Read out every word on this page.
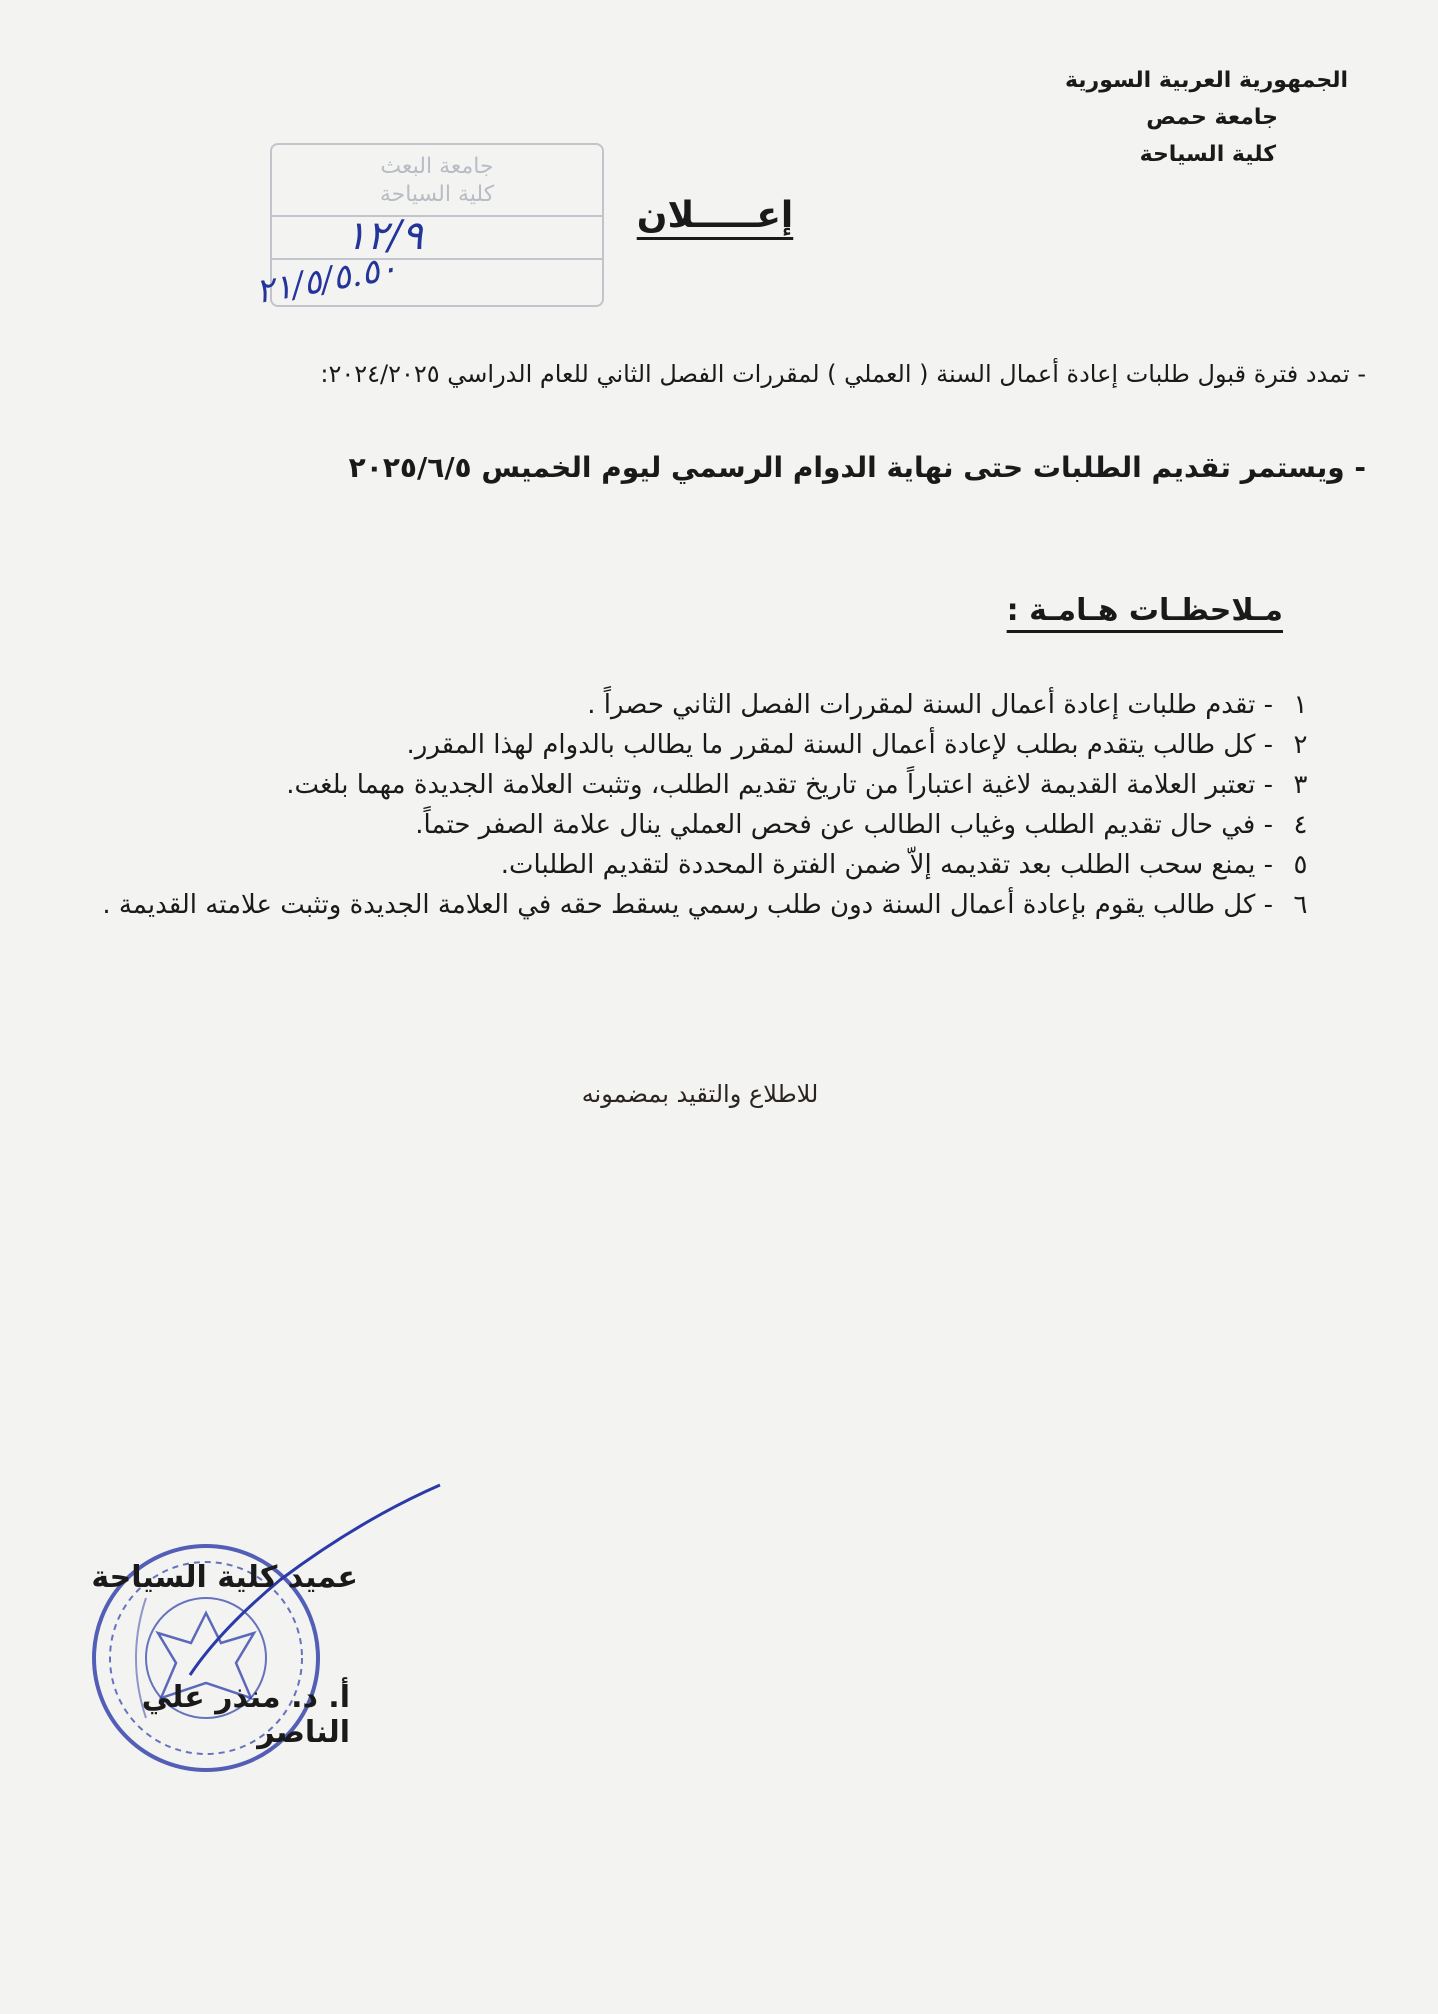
الجمهورية العربية السورية
جامعة حمص
كلية السياحة
جامعة البعث
كلية السياحة
١٢/٩
٢١/٥/٥.٥٠
إعـــــلان
- تمدد فترة قبول طلبات إعادة أعمال السنة ( العملي ) لمقررات الفصل الثاني للعام الدراسي ٢٠٢٤/٢٠٢٥:
- ويستمر تقديم الطلبات حتى نهاية الدوام الرسمي ليوم الخميس ٢٠٢٥/٦/٥
مـلاحظـات هـامـة :
١
- تقدم طلبات إعادة أعمال السنة لمقررات الفصل الثاني حصراً .
٢
- كل طالب يتقدم بطلب لإعادة أعمال السنة لمقرر ما يطالب بالدوام لهذا المقرر.
٣
- تعتبر العلامة القديمة لاغية اعتباراً من تاريخ تقديم الطلب، وتثبت العلامة الجديدة مهما بلغت.
٤
- في حال تقديم الطلب وغياب الطالب عن فحص العملي ينال علامة الصفر حتماً.
٥
- يمنع سحب الطلب بعد تقديمه إلاّ ضمن الفترة المحددة لتقديم الطلبات.
٦
- كل طالب يقوم بإعادة أعمال السنة دون طلب رسمي يسقط حقه في العلامة الجديدة وتثبت علامته القديمة .
للاطلاع والتقيد بمضمونه
عميد كلية السياحة
أ. د. منذر علي الناصر
